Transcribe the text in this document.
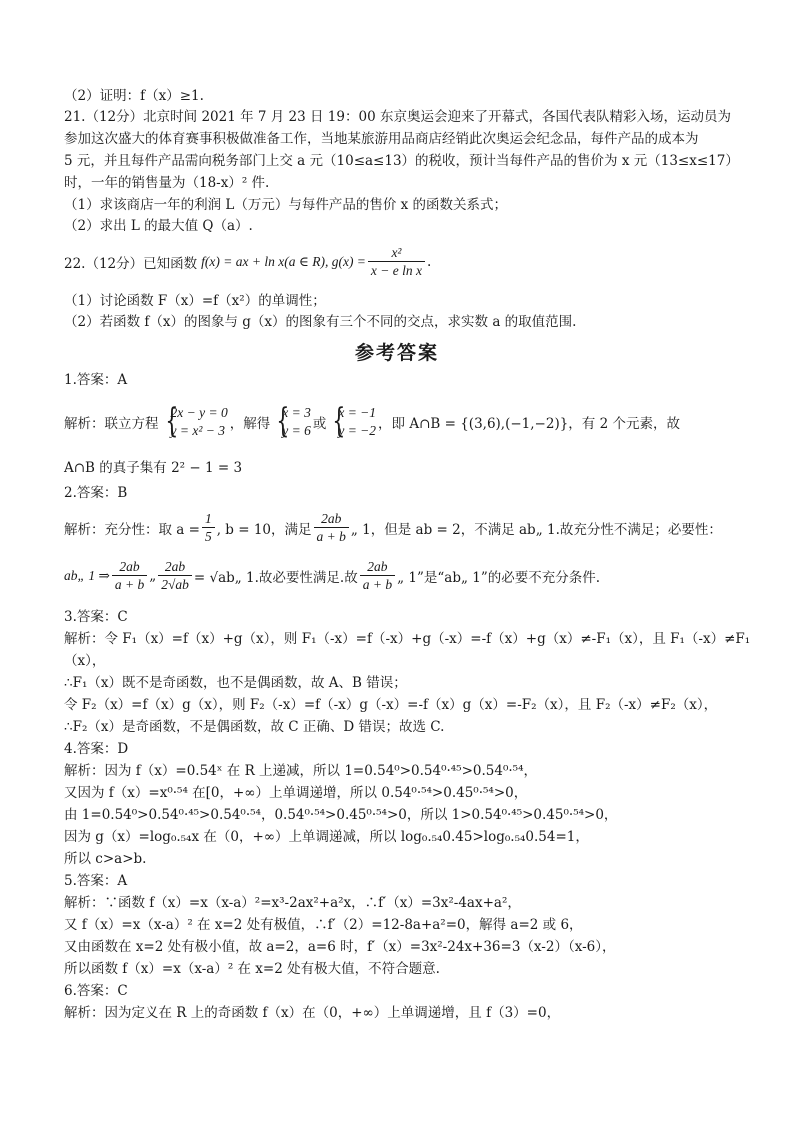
（2）证明：f（x）≥1.
21.（12分）北京时间 2021 年 7 月 23 日 19：00 东京奥运会迎来了开幕式，各国代表队精彩入场，运动员为
参加这次盛大的体育赛事积极做准备工作，当地某旅游用品商店经销此次奥运会纪念品，每件产品的成本为
5 元，并且每件产品需向税务部门上交 a 元（10≤a≤13）的税收，预计当每件产品的售价为 x 元（13≤x≤17）
时，一年的销售量为（18-x）² 件.
（1）求该商店一年的利润 L（万元）与每件产品的售价 x 的函数关系式；
（2）求出 L 的最大值 Q（a）.
22.（12分）已知函数 f(x) = ax + ln x(a ∈ R), $g(x) = \frac{\text{x²}}{\text{x − e ln x}}$ .
（1）讨论函数 F（x）=f（x²）的单调性；
（2）若函数 f（x）的图象与 g（x）的图象有三个不同的交点，求实数 a 的取值范围.
参考答案
1.答案：A
解析：联立方程 {
2x − y = 0
y = x² − 3 ，解得 {
x = 3
y = 6 或 {
x = −1
y = −2 ，即 A∩B = {(3,6),(−1,−2)}，有 2 个元素，故
A∩B 的真子集有 2² − 1 = 3
2.答案：B
解析：充分性：取 $a = \frac{1}{5}$ , b = 10，满足 $\frac{2ab}{a + b}$ „ 1，但是 ab = 2，不满足 ab„ 1.故充分性不满足；必要性：
ab„ 1 ⇒ $\frac{2ab}{a + b}$ „ $\frac{2ab}{2√ab}$ = √ab„ 1.故必要性满足.故 $\frac{2ab}{a + b}$ „ 1”是“ab„ 1”的必要不充分条件.
3.答案：C
解析：令 F₁（x）=f（x）+g（x），则 F₁（-x）=f（-x）+g（-x）=-f（x）+g（x）≠-F₁（x），且 F₁（-x）≠F₁
（x），
∴F₁（x）既不是奇函数，也不是偶函数，故 A、B 错误；
令 F₂（x）=f（x）g（x），则 F₂（-x）=f（-x）g（-x）=-f（x）g（x）=-F₂（x），且 F₂（-x）≠F₂（x），
∴F₂（x）是奇函数，不是偶函数，故 C 正确、D 错误；故选 C.
4.答案：D
解析：因为 f（x）=0.54ˣ 在 R 上递减，所以 1=0.54⁰>0.54⁰·⁴⁵>0.54⁰·⁵⁴，
又因为 f（x）=x⁰·⁵⁴ 在[0，+∞）上单调递增，所以 0.54⁰·⁵⁴>0.45⁰·⁵⁴>0，
由 1=0.54⁰>0.54⁰·⁴⁵>0.54⁰·⁵⁴，0.54⁰·⁵⁴>0.45⁰·⁵⁴>0，所以 1>0.54⁰·⁴⁵>0.45⁰·⁵⁴>0，
因为 g（x）=log₀.₅₄x 在（0，+∞）上单调递减，所以 log₀.₅₄0.45>log₀.₅₄0.54=1，
所以 c>a>b.
5.答案：A
解析：∵函数 f（x）=x（x-a）²=x³-2ax²+a²x，∴f′（x）=3x²-4ax+a²，
又 f（x）=x（x-a）² 在 x=2 处有极值，∴f′（2）=12-8a+a²=0，解得 a=2 或 6，
又由函数在 x=2 处有极小值，故 a=2，a=6 时，f′（x）=3x²-24x+36=3（x-2）（x-6），
所以函数 f（x）=x（x-a）² 在 x=2 处有极大值，不符合题意.
6.答案：C
解析：因为定义在 R 上的奇函数 f（x）在（0，+∞）上单调递增，且 f（3）=0，
